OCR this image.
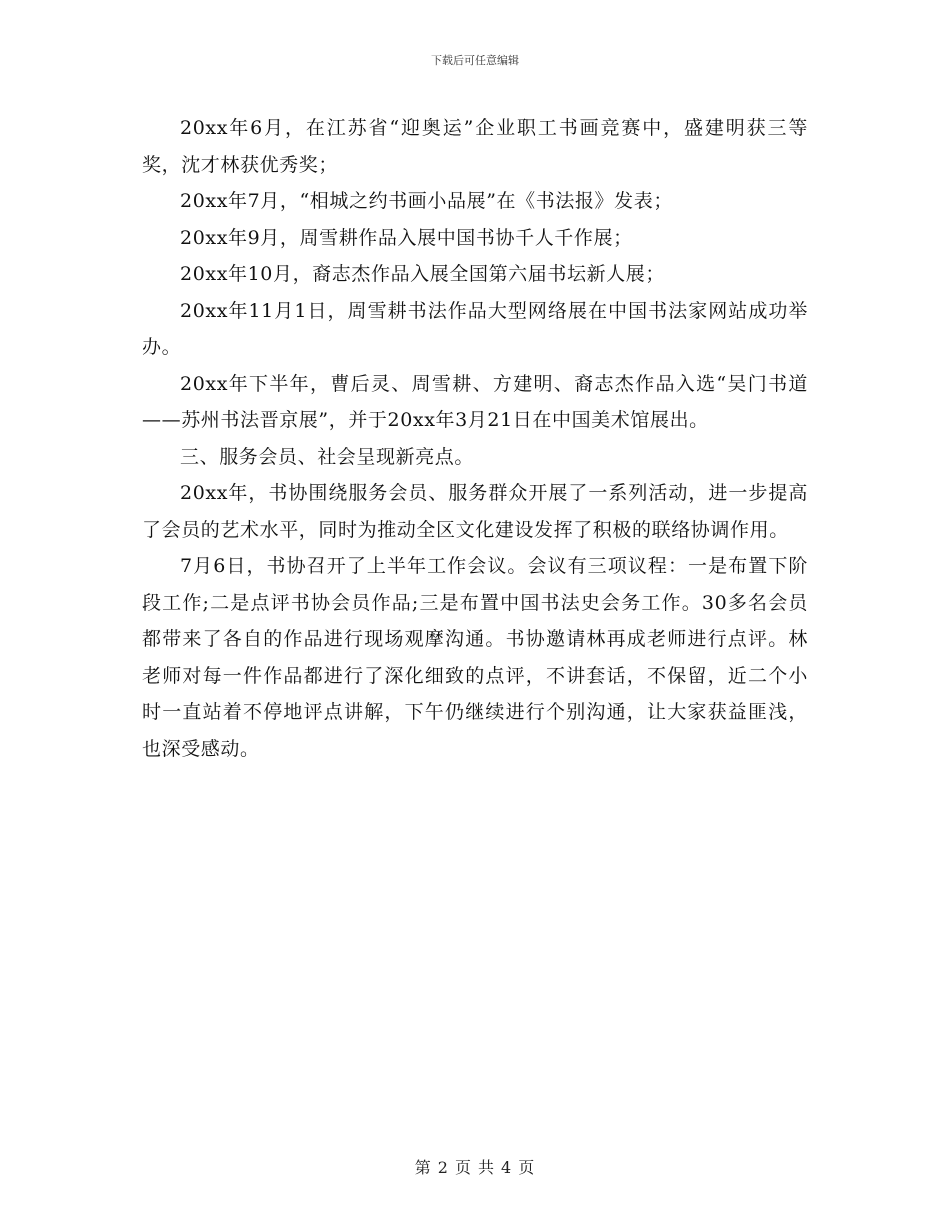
下载后可任意编辑

20xx年6月，在江苏省“迎奥运”企业职工书画竞赛中，盛建明获三等奖，沈才林获优秀奖；

20xx年7月，“相城之约书画小品展”在《书法报》发表；

20xx年9月，周雪耕作品入展中国书协千人千作展；

20xx年10月，裔志杰作品入展全国第六届书坛新人展；

20xx年11月1日，周雪耕书法作品大型网络展在中国书法家网站成功举办。

20xx年下半年，曹后灵、周雪耕、方建明、裔志杰作品入选“吴门书道——苏州书法晋京展”，并于20xx年3月21日在中国美术馆展出。

三、服务会员、社会呈现新亮点。

20xx年，书协围绕服务会员、服务群众开展了一系列活动，进一步提高了会员的艺术水平，同时为推动全区文化建设发挥了积极的联络协调作用。

7月6日，书协召开了上半年工作会议。会议有三项议程：一是布置下阶段工作;二是点评书协会员作品;三是布置中国书法史会务工作。30多名会员都带来了各自的作品进行现场观摩沟通。书协邀请林再成老师进行点评。林老师对每一件作品都进行了深化细致的点评，不讲套话，不保留，近二个小时一直站着不停地评点讲解，下午仍继续进行个别沟通，让大家获益匪浅，也深受感动。

第 2 页 共 4 页
